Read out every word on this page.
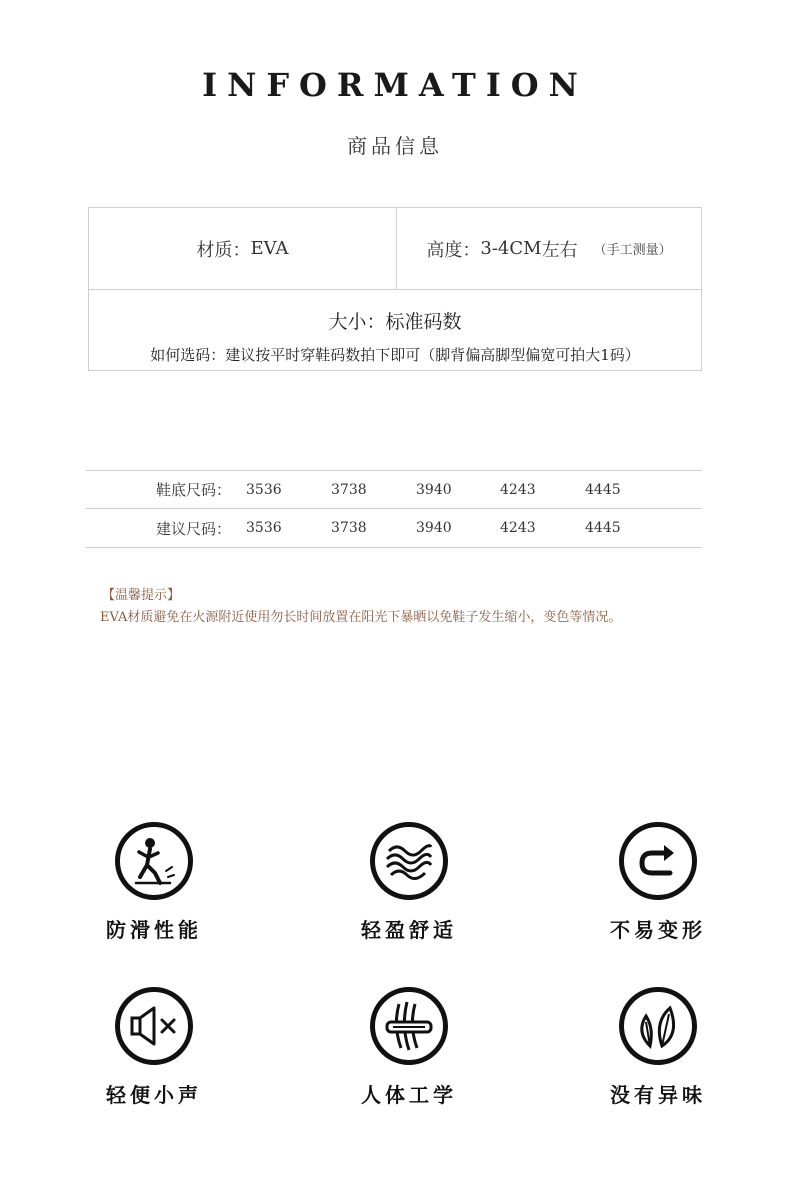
INFORMATION
商品信息
材质： EVA	高度： 3-4CM 左右 （手工测量）
大小：标准码数
如何选码：建议按平时穿鞋码数拍下即可（脚背偏高脚型偏宽可拍大1码）
鞋底尺码： 3536	3738	3940	4243	4445
建议尺码： 3536	3738	3940	4243	4445
【温馨提示】
EVA材质避免在火源附近使用勿长时间放置在阳光下暴晒以免鞋子发生缩小，变色等情况。
防滑性能	轻盈舒适	不易变形
轻便小声	人体工学	没有异味
